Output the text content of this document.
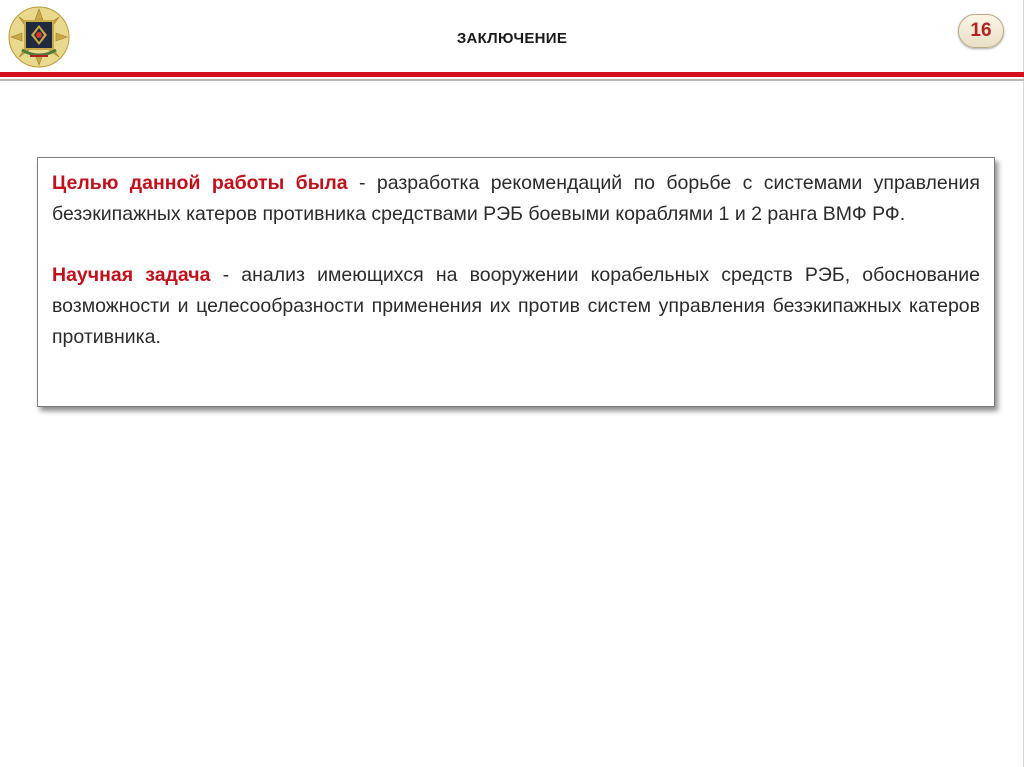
ЗАКЛЮЧЕНИЕ	16

Целью данной работы была - разработка рекомендаций по борьбе с системами управления безэкипажных катеров противника средствами РЭБ боевыми кораблями 1 и 2 ранга ВМФ РФ.

Научная задача - анализ имеющихся на вооружении корабельных средств РЭБ, обоснование возможности и целесообразности применения их против систем управления безэкипажных катеров противника.
